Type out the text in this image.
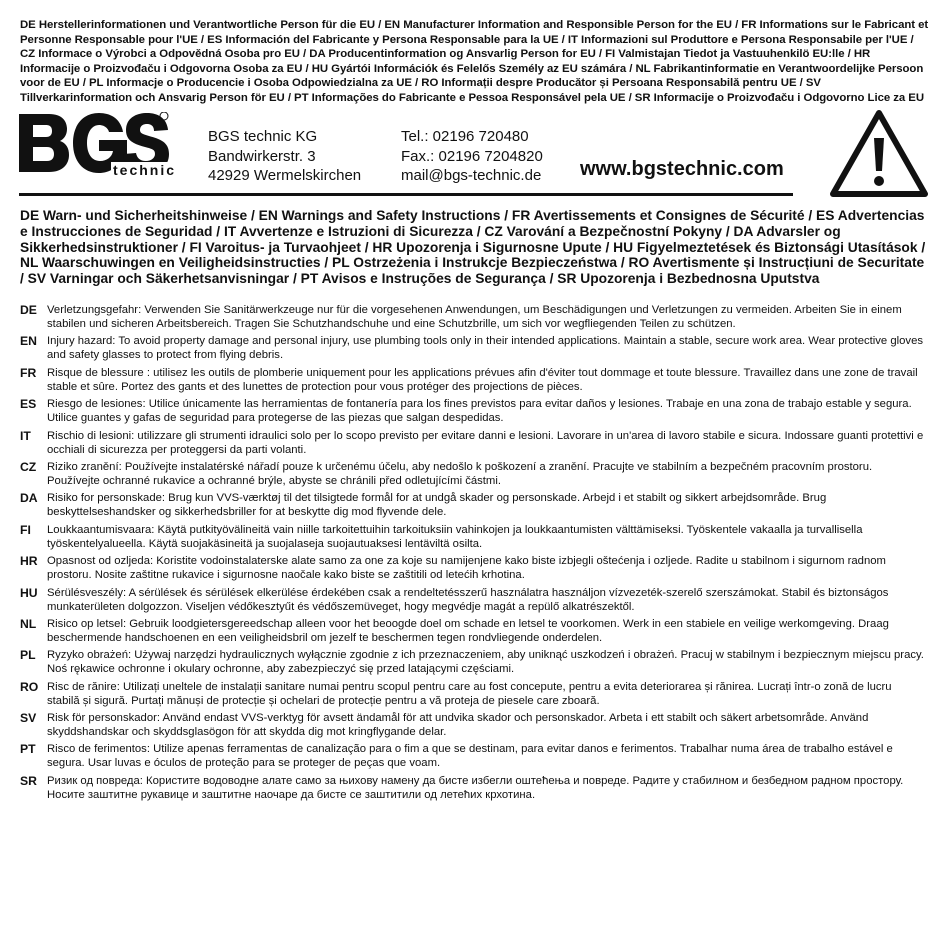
DE Herstellerinformationen und Verantwortliche Person für die EU / EN Manufacturer Information and Responsible Person for the EU / FR Informations sur le Fabricant et Personne Responsable pour l'UE / ES Información del Fabricante y Persona Responsable para la UE / IT Informazioni sul Produttore e Persona Responsabile per l'UE / CZ Informace o Výrobci a Odpovědná Osoba pro EU / DA Producentinformation og Ansvarlig Person for EU / FI Valmistajan Tiedot ja Vastuuhenkilö EU:lle / HR Informacije o Proizvođaču i Odgovorna Osoba za EU / HU Gyártói Információk és Felelős Személy az EU számára / NL Fabrikantinformatie en Verantwoordelijke Persoon voor de EU / PL Informacje o Producencie i Osoba Odpowiedzialna za UE / RO Informații despre Producător și Persoana Responsabilă pentru UE / SV Tillverkarinformation och Ansvarig Person för EU / PT Informações do Fabricante e Pessoa Responsável pela UE / SR Informacije o Proizvođaču i Odgovorno Lice za EU
technic
BGS technic KG
Bandwirkerstr. 3
42929 Wermelskirchen
Tel.: 02196 720480
Fax.: 02196 7204820
mail@bgs-technic.de www.bgstechnic.com
DE Warn- und Sicherheitshinweise / EN Warnings and Safety Instructions / FR Avertissements et Consignes de Sécurité / ES Advertencias e Instrucciones de Seguridad / IT Avvertenze e Istruzioni di Sicurezza / CZ Varování a Bezpečnostní Pokyny / DA Advarsler og Sikkerhedsinstruktioner / FI Varoitus- ja Turvaohjeet / HR Upozorenja i Sigurnosne Upute / HU Figyelmeztetések és Biztonsági Utasítások / NL Waarschuwingen en Veiligheidsinstructies / PL Ostrzeżenia i Instrukcje Bezpieczeństwa / RO Avertismente și Instrucțiuni de Securitate / SV Varningar och Säkerhetsanvisningar / PT Avisos e Instruções de Segurança / SR Upozorenja i Bezbednosna Uputstva
DE Verletzungsgefahr: Verwenden Sie Sanitärwerkzeuge nur für die vorgesehenen Anwendungen, um Beschädigungen und Verletzungen zu vermeiden. Arbeiten Sie in einem stabilen und sicheren Arbeitsbereich. Tragen Sie Schutzhandschuhe und eine Schutzbrille, um sich vor wegfliegenden Teilen zu schützen.
EN Injury hazard: To avoid property damage and personal injury, use plumbing tools only in their intended applications. Maintain a stable, secure work area. Wear protective gloves and safety glasses to protect from flying debris.
FR Risque de blessure : utilisez les outils de plomberie uniquement pour les applications prévues afin d'éviter tout dommage et toute blessure. Travaillez dans une zone de travail stable et sûre. Portez des gants et des lunettes de protection pour vous protéger des projections de pièces.
ES Riesgo de lesiones: Utilice únicamente las herramientas de fontanería para los fines previstos para evitar daños y lesiones. Trabaje en una zona de trabajo estable y segura. Utilice guantes y gafas de seguridad para protegerse de las piezas que salgan despedidas.
IT Rischio di lesioni: utilizzare gli strumenti idraulici solo per lo scopo previsto per evitare danni e lesioni. Lavorare in un'area di lavoro stabile e sicura. Indossare guanti protettivi e occhiali di sicurezza per proteggersi da parti volanti.
CZ Riziko zranění: Používejte instalatérské nářadí pouze k určenému účelu, aby nedošlo k poškození a zranění. Pracujte ve stabilním a bezpečném pracovním prostoru. Používejte ochranné rukavice a ochranné brýle, abyste se chránili před odletujícími částmi.
DA Risiko for personskade: Brug kun VVS-værktøj til det tilsigtede formål for at undgå skader og personskade. Arbejd i et stabilt og sikkert arbejdsområde. Brug beskyttelseshandsker og sikkerhedsbriller for at beskytte dig mod flyvende dele.
FI Loukkaantumisvaara: Käytä putkityövälineitä vain niille tarkoitettuihin tarkoituksiin vahinkojen ja loukkaantumisten välttämiseksi. Työskentele vakaalla ja turvallisella työskentelyalueella. Käytä suojakäsineitä ja suojalaseja suojautuaksesi lentäviltä osilta.
HR Opasnost od ozljeda: Koristite vodoinstalaterske alate samo za one za koje su namijenjene kako biste izbjegli oštećenja i ozljede. Radite u stabilnom i sigurnom radnom prostoru. Nosite zaštitne rukavice i sigurnosne naočale kako biste se zaštitili od letećih krhotina.
HU Sérülésveszély: A sérülések és sérülések elkerülése érdekében csak a rendeltetésszerű használatra használjon vízvezeték-szerelő szerszámokat. Stabil és biztonságos munkaterületen dolgozzon. Viseljen védőkesztyűt és védőszemüveget, hogy megvédje magát a repülő alkatrészektől.
NL Risico op letsel: Gebruik loodgietersgereedschap alleen voor het beoogde doel om schade en letsel te voorkomen. Werk in een stabiele en veilige werkomgeving. Draag beschermende handschoenen en een veiligheidsbril om jezelf te beschermen tegen rondvliegende onderdelen.
PL Ryzyko obrażeń: Używaj narzędzi hydraulicznych wyłącznie zgodnie z ich przeznaczeniem, aby uniknąć uszkodzeń i obrażeń. Pracuj w stabilnym i bezpiecznym miejscu pracy. Noś rękawice ochronne i okulary ochronne, aby zabezpieczyć się przed latającymi częściami.
RO Risc de rănire: Utilizați uneltele de instalații sanitare numai pentru scopul pentru care au fost concepute, pentru a evita deteriorarea și rănirea. Lucrați într-o zonă de lucru stabilă și sigură. Purtați mănuși de protecție și ochelari de protecție pentru a vă proteja de piesele care zboară.
SV Risk för personskador: Använd endast VVS-verktyg för avsett ändamål för att undvika skador och personskador. Arbeta i ett stabilt och säkert arbetsområde. Använd skyddshandskar och skyddsglasögon för att skydda dig mot kringflygande delar.
PT Risco de ferimentos: Utilize apenas ferramentas de canalização para o fim a que se destinam, para evitar danos e ferimentos. Trabalhar numa área de trabalho estável e segura. Usar luvas e óculos de proteção para se proteger de peças que voam.
SR Ризик од повреда: Користите водоводне алате само за њихову намену да бисте избегли оштећења и повреде. Радите у стабилном и безбедном радном простору. Носите заштитне рукавице и заштитне наочаре да бисте се заштитили од летећих крхотина.
